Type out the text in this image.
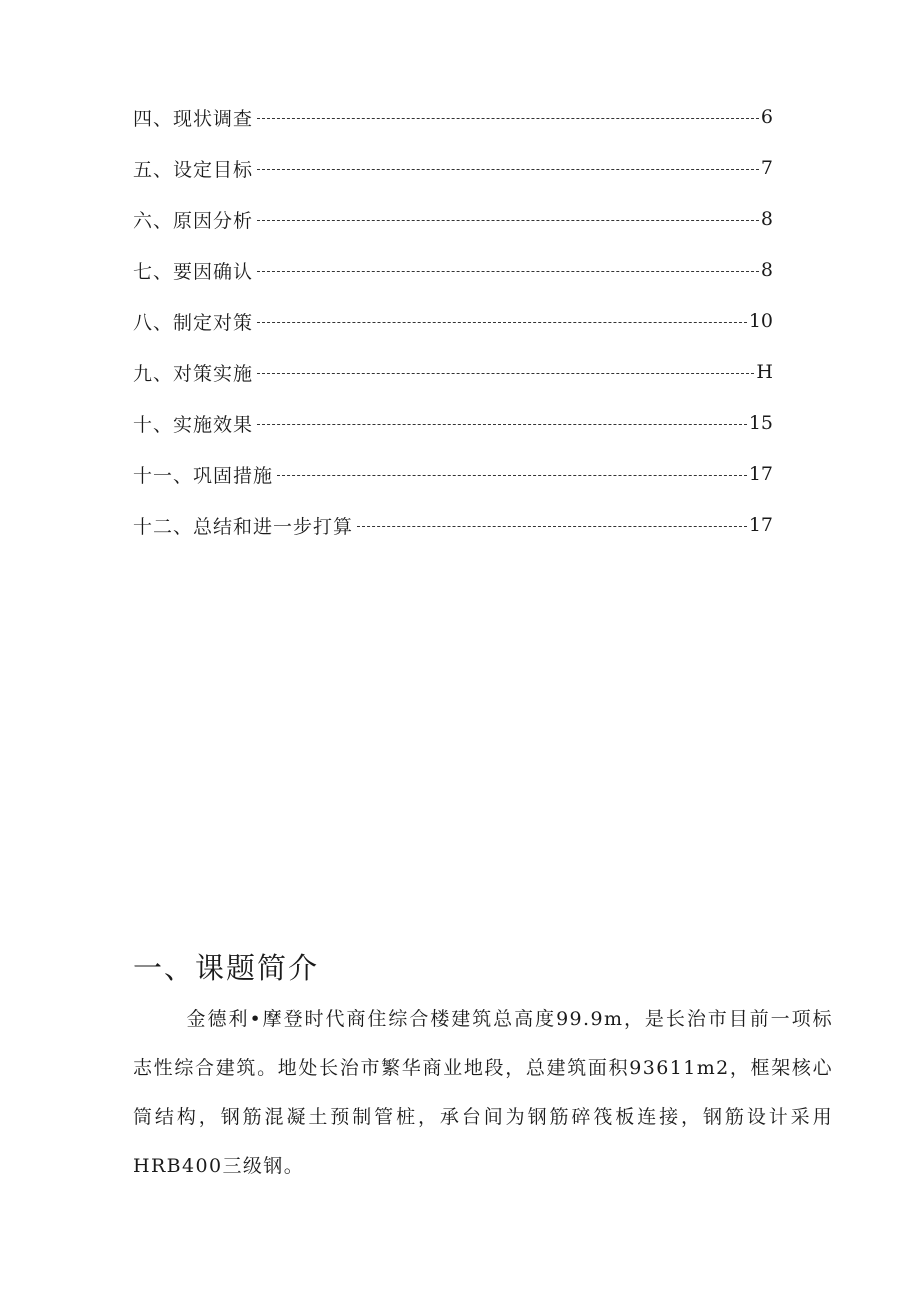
四、现状调查	6
五、设定目标	7
六、原因分析	8
七、要因确认	8
八、制定对策	10
九、对策实施	H
十、实施效果	15
十一、巩固措施	17
十二、总结和进一步打算	17
一、课题简介
金德利•摩登时代商住综合楼建筑总高度99.9m，是长治市目前一项标志性综合建筑。地处长治市繁华商业地段，总建筑面积93611m2，框架核心筒结构，钢筋混凝土预制管桩，承台间为钢筋碎筏板连接，钢筋设计采用HRB400三级钢。
